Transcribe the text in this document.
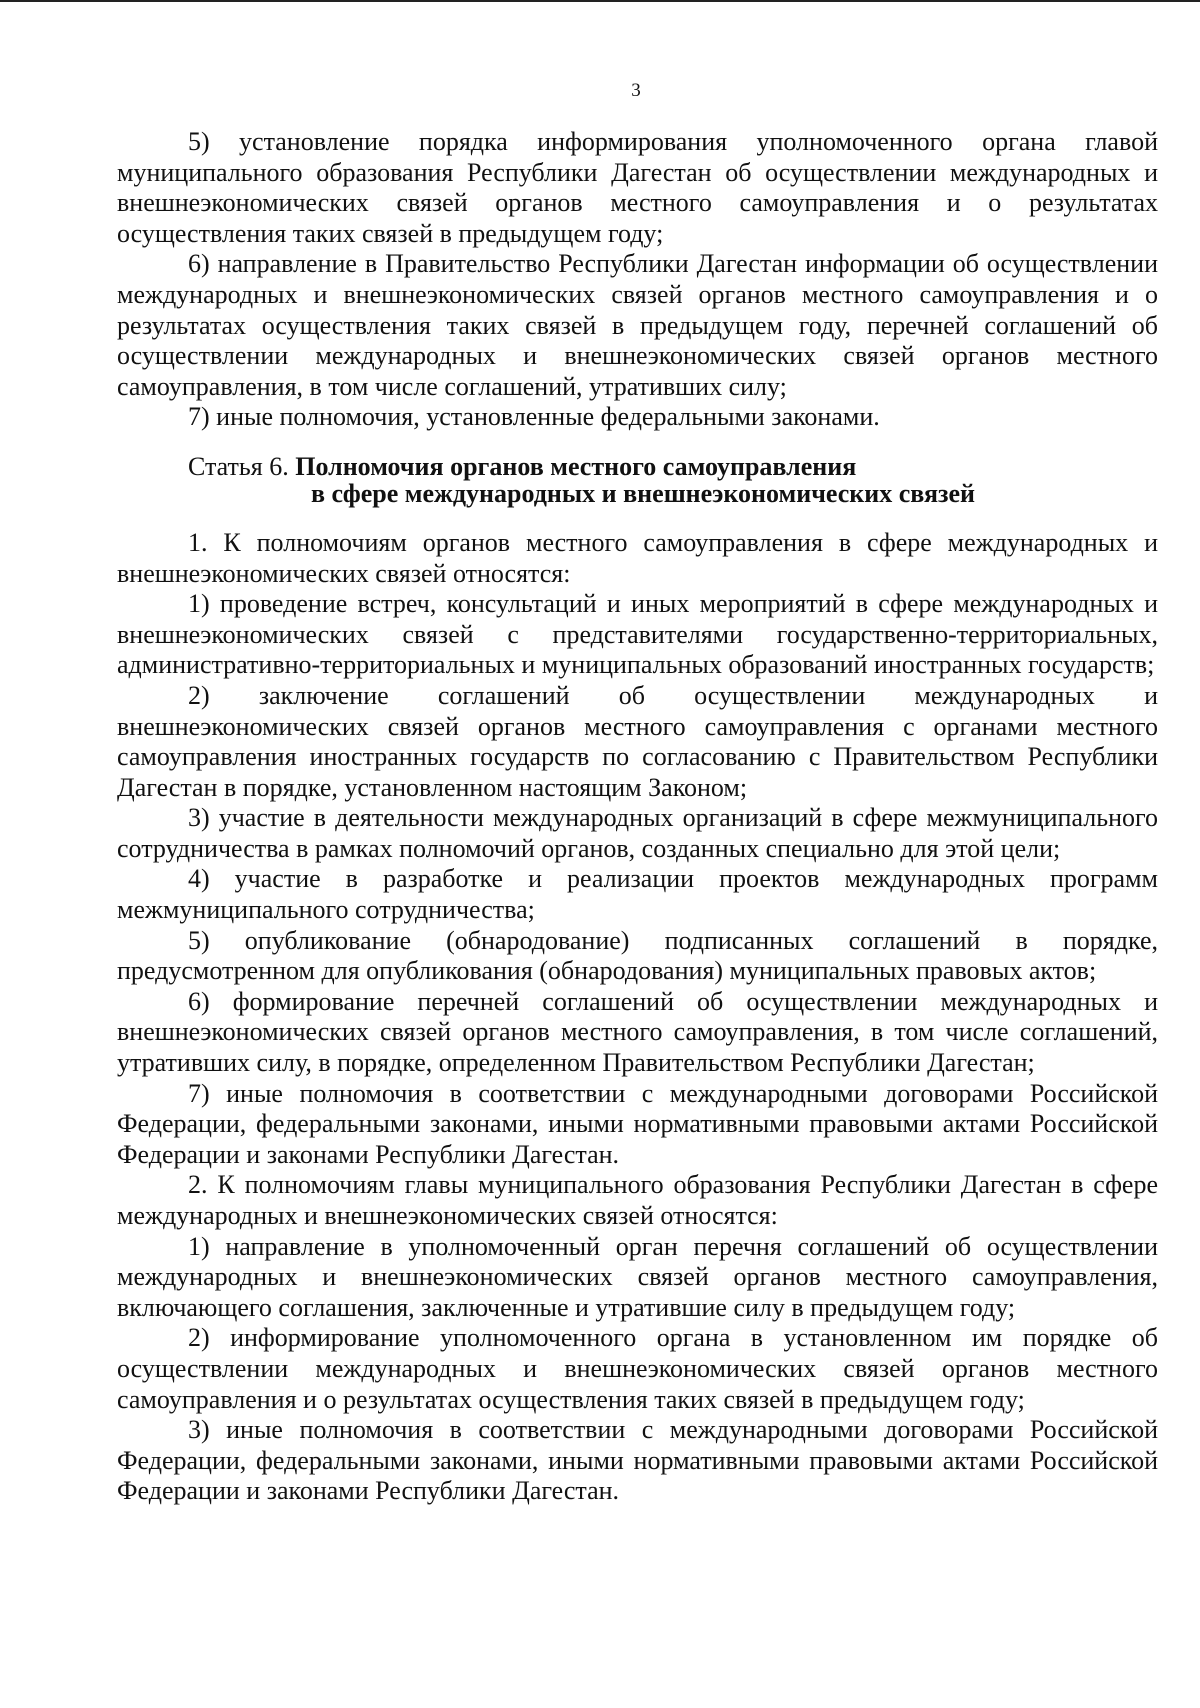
3

5) установление порядка информирования уполномоченного органа главой муниципального образования Республики Дагестан об осуществлении международных и внешнеэкономических связей органов местного самоуправления и о результатах осуществления таких связей в предыдущем году;

6) направление в Правительство Республики Дагестан информации об осуществлении международных и внешнеэкономических связей органов местного самоуправления и о результатах осуществления таких связей в предыдущем году, перечней соглашений об осуществлении международных и внешнеэкономических связей органов местного самоуправления, в том числе соглашений, утративших силу;

7) иные полномочия, установленные федеральными законами.

Статья 6. Полномочия органов местного самоуправления
в сфере международных и внешнеэкономических связей

1. К полномочиям органов местного самоуправления в сфере международных и внешнеэкономических связей относятся:

1) проведение встреч, консультаций и иных мероприятий в сфере международных и внешнеэкономических связей с представителями государственно-территориальных, административно-территориальных и муниципальных образований иностранных государств;

2) заключение соглашений об осуществлении международных и внешнеэкономических связей органов местного самоуправления с органами местного самоуправления иностранных государств по согласованию с Правительством Республики Дагестан в порядке, установленном настоящим Законом;

3) участие в деятельности международных организаций в сфере межмуниципального сотрудничества в рамках полномочий органов, созданных специально для этой цели;

4) участие в разработке и реализации проектов международных программ межмуниципального сотрудничества;

5) опубликование (обнародование) подписанных соглашений в порядке, предусмотренном для опубликования (обнародования) муниципальных правовых актов;

6) формирование перечней соглашений об осуществлении международных и внешнеэкономических связей органов местного самоуправления, в том числе соглашений, утративших силу, в порядке, определенном Правительством Республики Дагестан;

7) иные полномочия в соответствии с международными договорами Российской Федерации, федеральными законами, иными нормативными правовыми актами Российской Федерации и законами Республики Дагестан.

2. К полномочиям главы муниципального образования Республики Дагестан в сфере международных и внешнеэкономических связей относятся:

1) направление в уполномоченный орган перечня соглашений об осуществлении международных и внешнеэкономических связей органов местного самоуправления, включающего соглашения, заключенные и утратившие силу в предыдущем году;

2) информирование уполномоченного органа в установленном им порядке об осуществлении международных и внешнеэкономических связей органов местного самоуправления и о результатах осуществления таких связей в предыдущем году;

3) иные полномочия в соответствии с международными договорами Российской Федерации, федеральными законами, иными нормативными правовыми актами Российской Федерации и законами Республики Дагестан.
